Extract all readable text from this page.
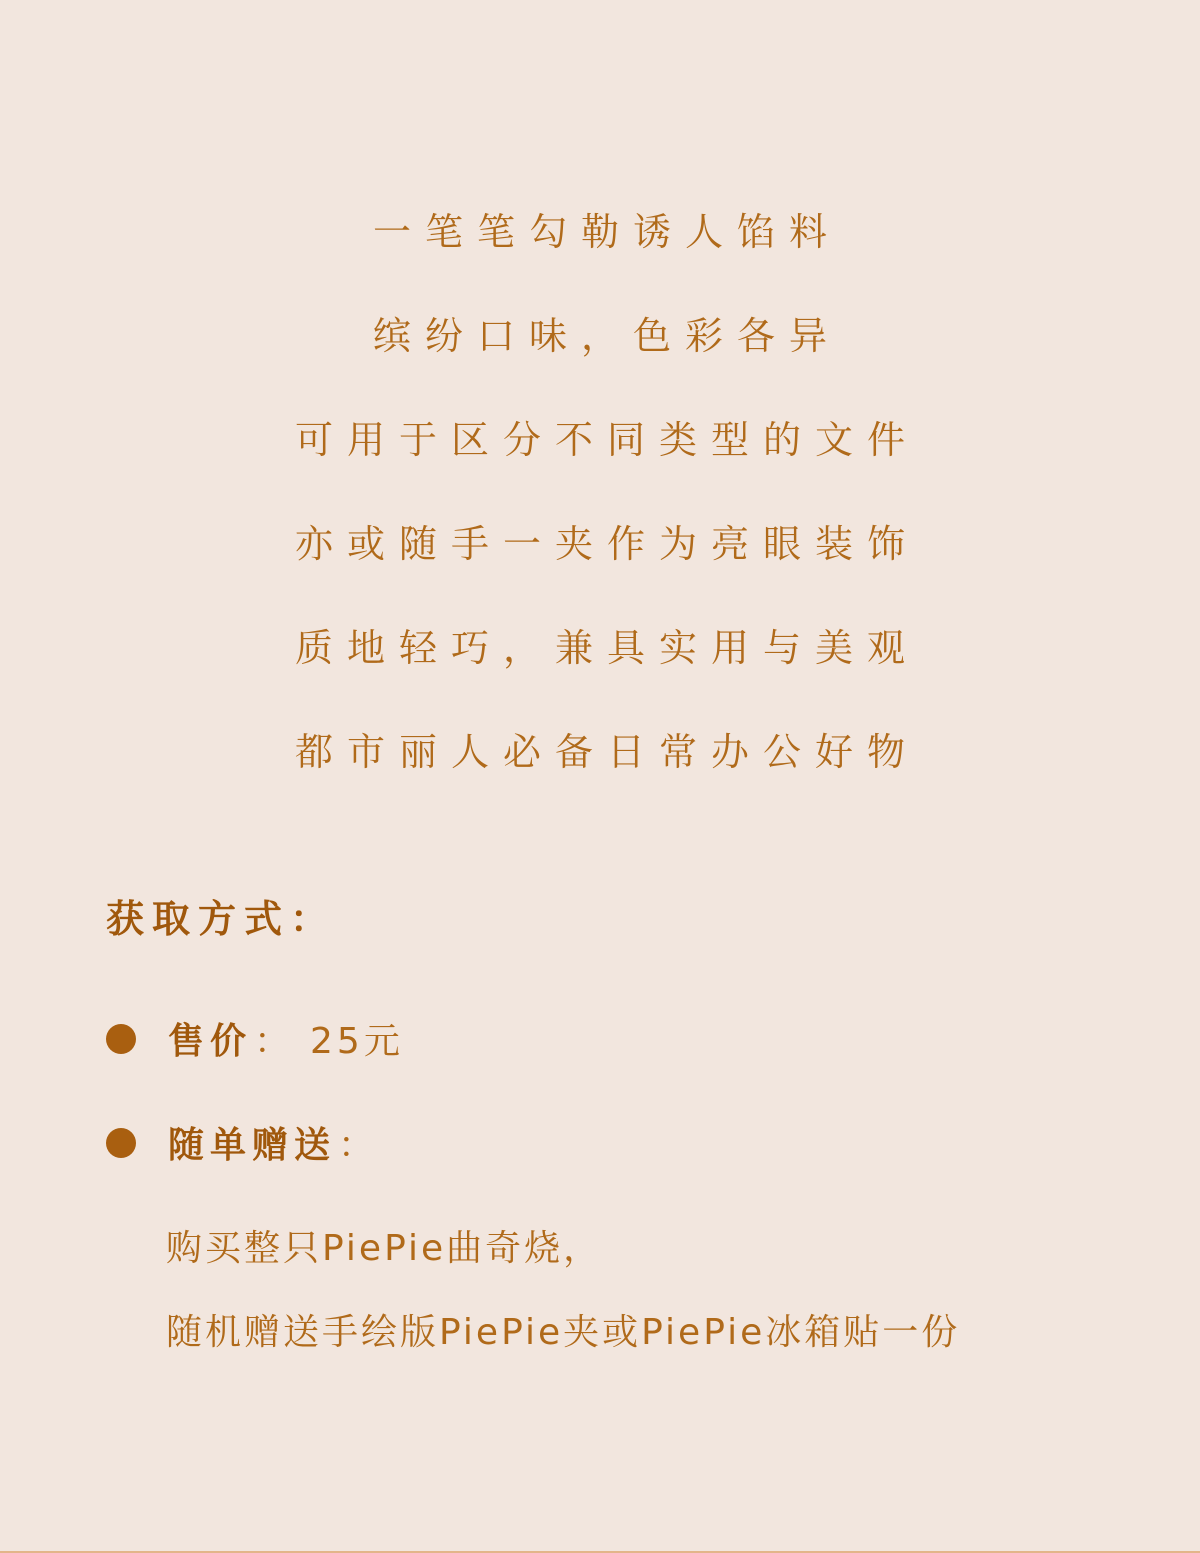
一笔笔勾勒诱人馅料
缤纷口味，色彩各异
可用于区分不同类型的文件
亦或随手一夹作为亮眼装饰
质地轻巧，兼具实用与美观
都市丽人必备日常办公好物
获取方式：
售价 ： 25元
随单赠送 ：
购买整只PiePie曲奇烧，
随机赠送手绘版PiePie夹或PiePie冰箱贴一份
